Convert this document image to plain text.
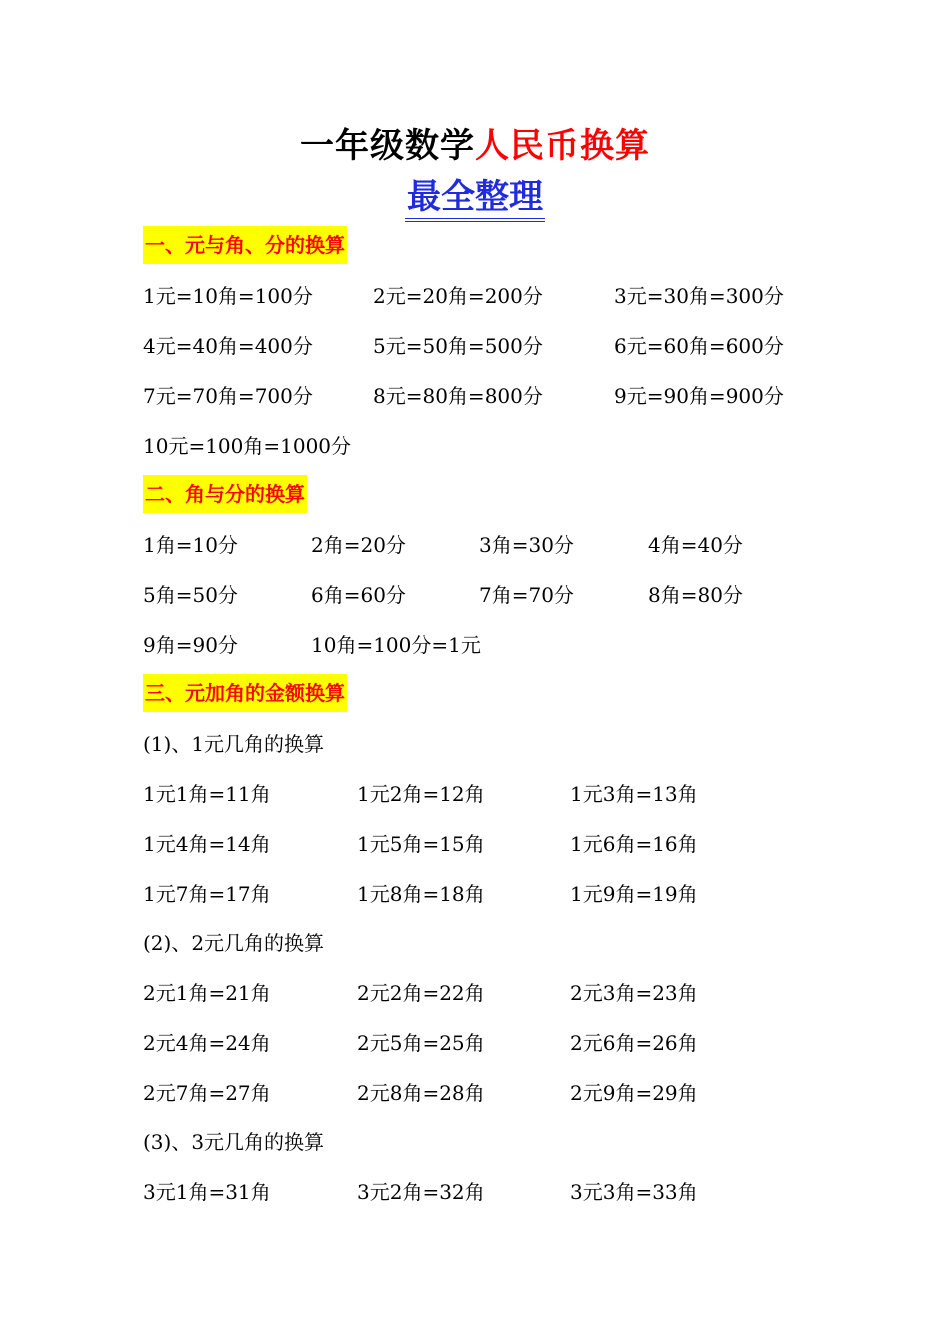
一年级数学人民币换算
最全整理
一、元与角、分的换算
1元=10角=100分	2元=20角=200分	3元=30角=300分
4元=40角=400分	5元=50角=500分	6元=60角=600分
7元=70角=700分	8元=80角=800分	9元=90角=900分
10元=100角=1000分
二、角与分的换算
1角=10分	2角=20分	3角=30分	4角=40分
5角=50分	6角=60分	7角=70分	8角=80分
9角=90分	10角=100分=1元
三、元加角的金额换算
(1)、1元几角的换算
1元1角=11角	1元2角=12角	1元3角=13角
1元4角=14角	1元5角=15角	1元6角=16角
1元7角=17角	1元8角=18角	1元9角=19角
(2)、2元几角的换算
2元1角=21角	2元2角=22角	2元3角=23角
2元4角=24角	2元5角=25角	2元6角=26角
2元7角=27角	2元8角=28角	2元9角=29角
(3)、3元几角的换算
3元1角=31角	3元2角=32角	3元3角=33角
